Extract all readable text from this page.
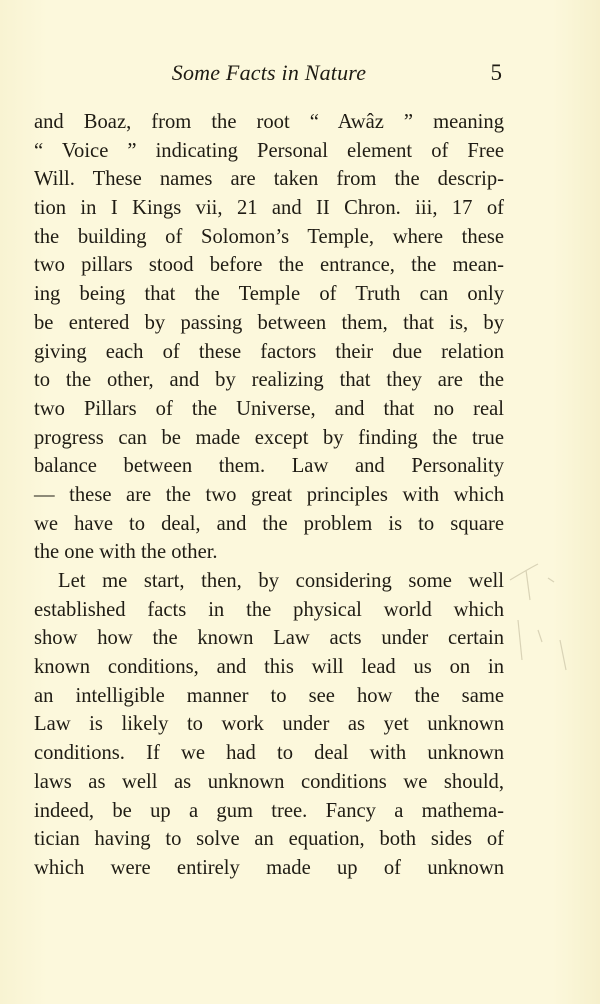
Some Facts in Nature	5
and Boaz, from the root “ Awâz ” meaning
“ Voice ” indicating Personal element of Free
Will. These names are taken from the descrip-
tion in I Kings vii, 21 and II Chron. iii, 17 of
the building of Solomon’s Temple, where these
two pillars stood before the entrance, the mean-
ing being that the Temple of Truth can only
be entered by passing between them, that is, by
giving each of these factors their due relation
to the other, and by realizing that they are the
two Pillars of the Universe, and that no real
progress can be made except by finding the true
balance between them. Law and Personality
— these are the two great principles with which
we have to deal, and the problem is to square
the one with the other.
Let me start, then, by considering some well
established facts in the physical world which
show how the known Law acts under certain
known conditions, and this will lead us on in
an intelligible manner to see how the same
Law is likely to work under as yet unknown
conditions. If we had to deal with unknown
laws as well as unknown conditions we should,
indeed, be up a gum tree. Fancy a mathema-
tician having to solve an equation, both sides of
which were entirely made up of unknown
